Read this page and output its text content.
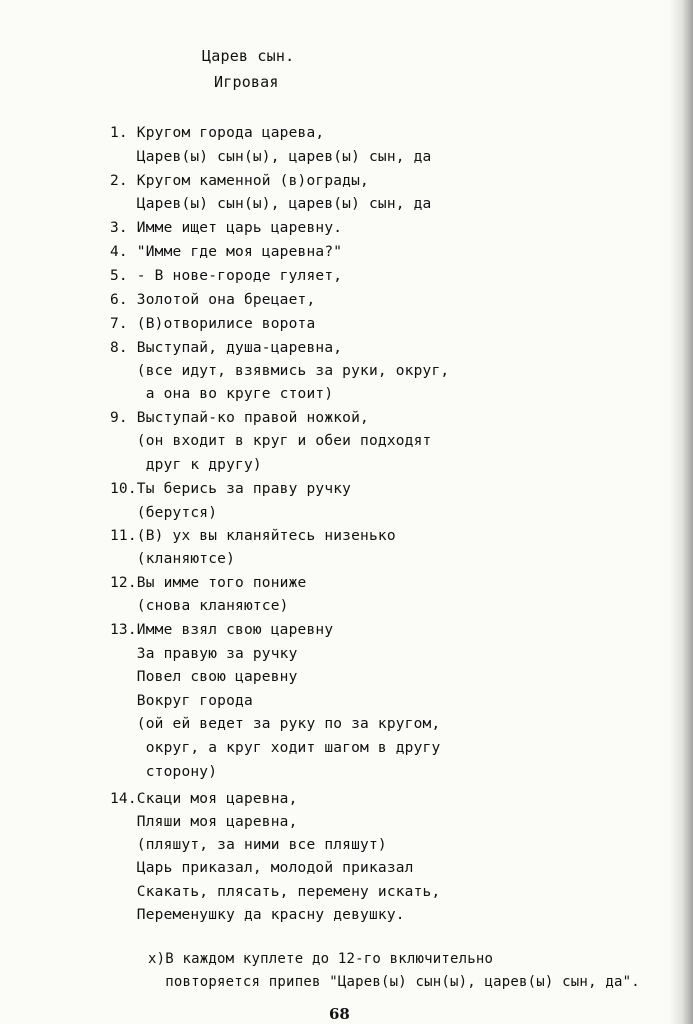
Царев сын.
Игровая
1. Кругом города царева,
Царев(ы) сын(ы), царев(ы) сын, да
2. Кругом каменной (в)ограды,
Царев(ы) сын(ы), царев(ы) сын, да
3. Имме ищет царь царевну.
4. "Имме где моя царевна?"
5. - В нове-городе гуляет,
6. Золотой она брецает,
7. (В)отворилисе ворота
8. Выступай, душа-царевна,
(все идут, взявмись за руки, округ,
а она во круге стоит)
9. Выступай-ко правой ножкой,
(он входит в круг и обеи подходят
друг к другу)
10.Ты берись за праву ручку
(берутся)
11.(В) ух вы кланяйтесь низенько
(кланяютсе)
12.Вы имме того пониже
(снова кланяютсе)
13.Имме взял свою царевну
За правую за ручку
Повел свою царевну
Вокруг города
(ой ей ведет за руку по за кругом,
округ, а круг ходит шагом в другу
сторону)
14.Скаци моя царевна,
Пляши моя царевна,
(пляшут, за ними все пляшут)
Царь приказал, молодой приказал
Скакать, плясать, перемену искать,
Переменушку да красну девушку.
х)В каждом куплете до 12-го включительно
повторяется припев "Царев(ы) сын(ы), царев(ы) сын, да".
68
